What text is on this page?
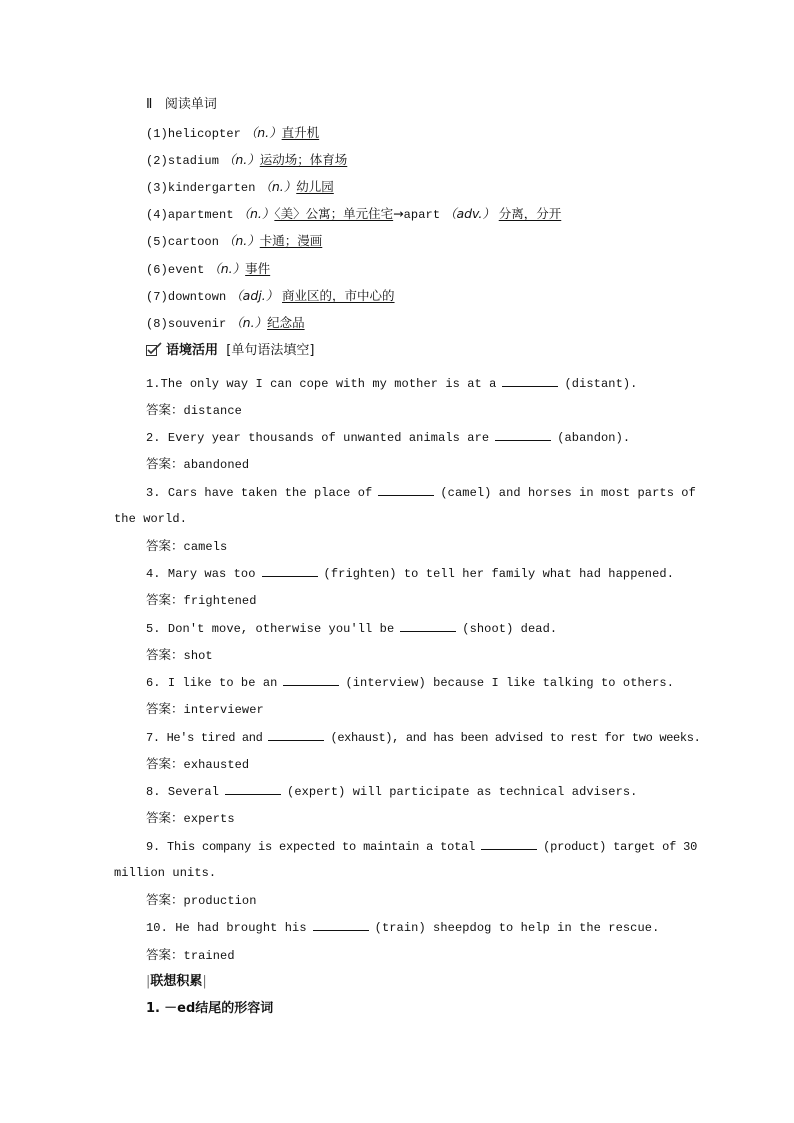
Ⅱ 阅读单词
(1)helicopter （n.）直升机
(2)stadium （n.）运动场；体育场
(3)kindergarten （n.）幼儿园
(4)apartment （n.）〈美〉公寓；单元住宅→apart （adv.） 分离，分开
(5)cartoon （n.）卡通；漫画
(6)event （n.）事件
(7)downtown （adj.） 商业区的，市中心的
(8)souvenir （n.）纪念品
语境活用 [单句语法填空]
1.The only way I can cope with my mother is at a	(distant).
答案：distance
2. Every year thousands of unwanted animals are	(abandon).
答案：abandoned
3. Cars have taken the place of	(camel) and horses in most parts of
the world.
答案：camels
4. Mary was too	(frighten) to tell her family what had happened.
答案：frightened
5. Don't move, otherwise you'll be	(shoot) dead.
答案：shot
6. I like to be an	(interview) because I like talking to others.
答案：interviewer
7. He's tired and	(exhaust), and has been advised to rest for two weeks.
答案：exhausted
8. Several	(expert) will participate as technical advisers.
答案：experts
9. This company is expected to maintain a total	(product) target of 30
million units.
答案：production
10. He had brought his	(train) sheepdog to help in the rescue.
答案：trained
|联想积累|
1. －ed结尾的形容词
